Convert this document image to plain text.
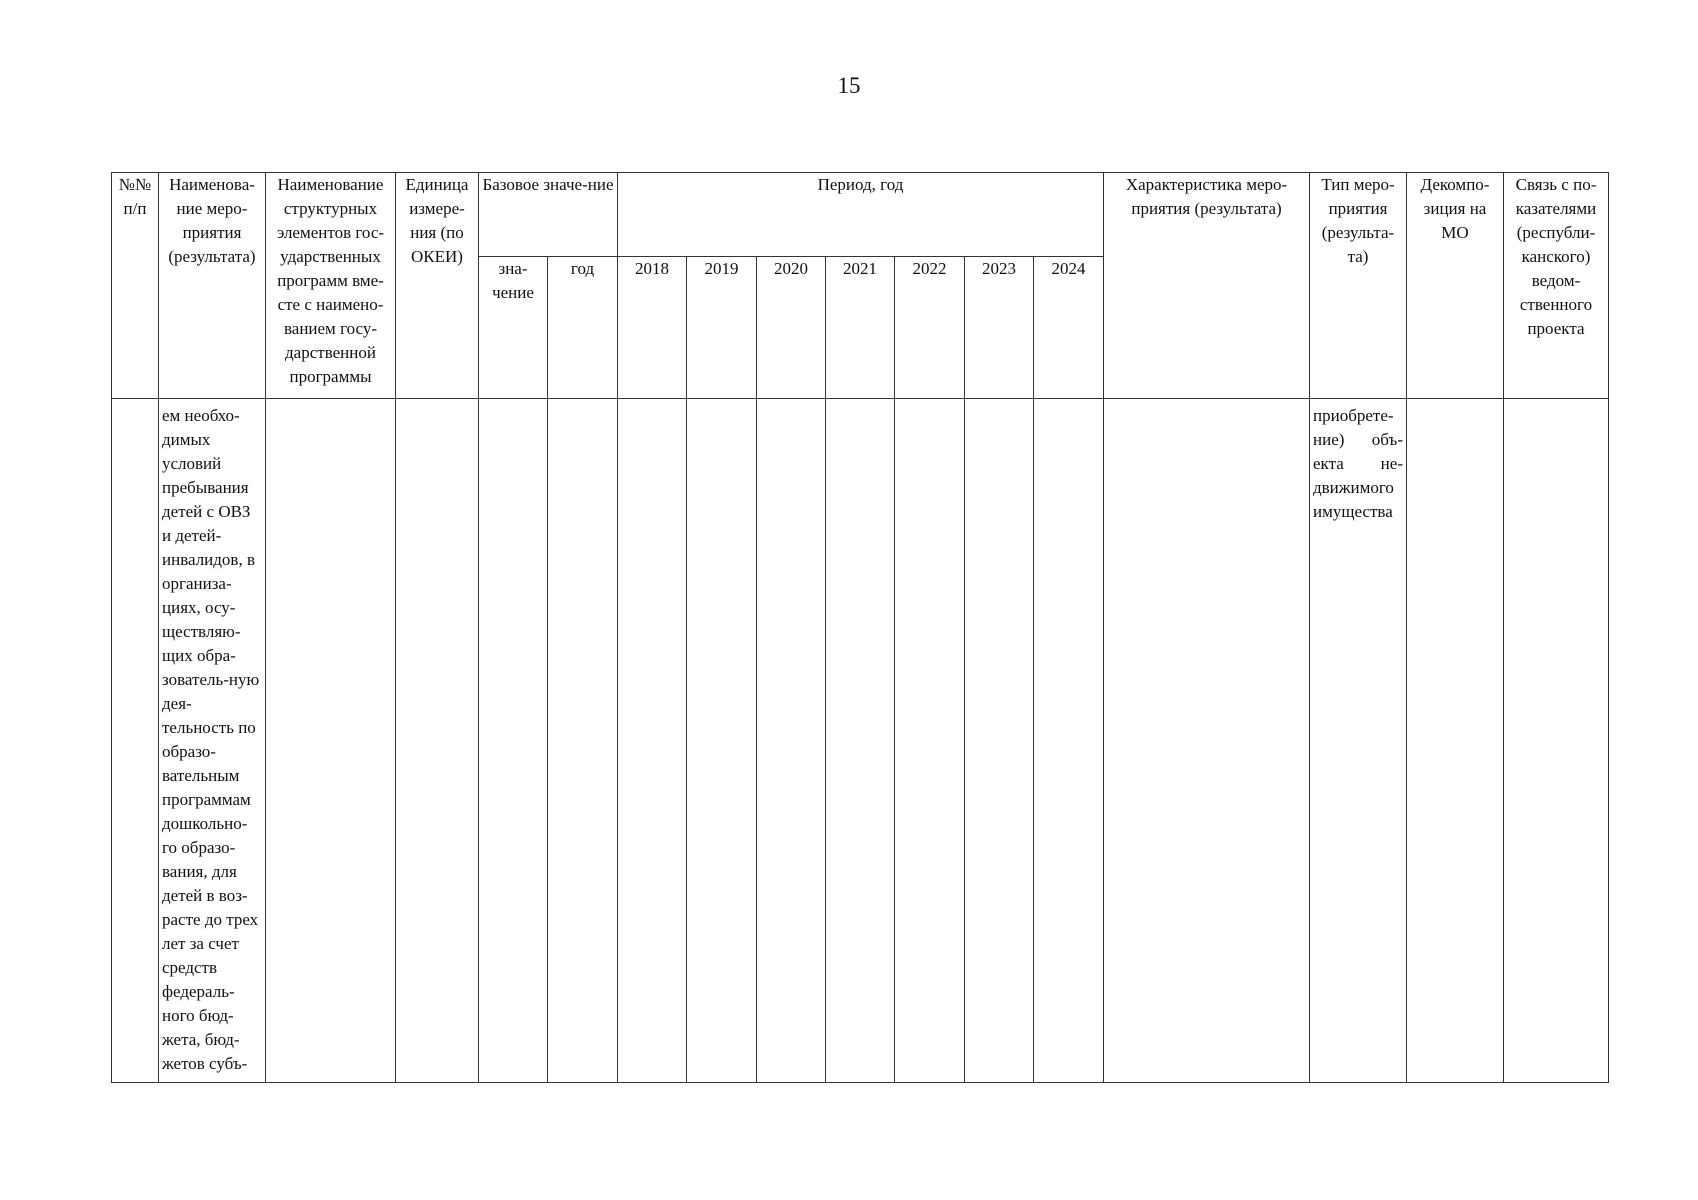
15
№№ п/п	Наименова-ние меро-приятия (результата)	Наименование структурных элементов гос-ударственных программ вме-сте с наимено-ванием госу-дарственной программы	Единица измере-ния (по ОКЕИ)	Базовое значе-ние		Период, год							Характеристика меро-приятия (результата)	Тип меро-приятия (результа-та)	Декомпо-зиция на МО	Связь с по-казателями (республи-канского) ведом-ственного проекта
				зна-чение	год	2018	2019	2020	2021	2022	2023	2024				
	ем необхо-димых условий пребывания детей с ОВЗ и детей-инвалидов, в организа-циях, осу-ществляю-щих обра-зователь-ную дея-тельность по образо-вательным программам дошкольно-го образо-вания, для детей в воз-расте до трех лет за счет средств федераль-ного бюд-жета, бюд-жетов субъ-													приобрете-ние) объ-екта не-движимого имущества		
